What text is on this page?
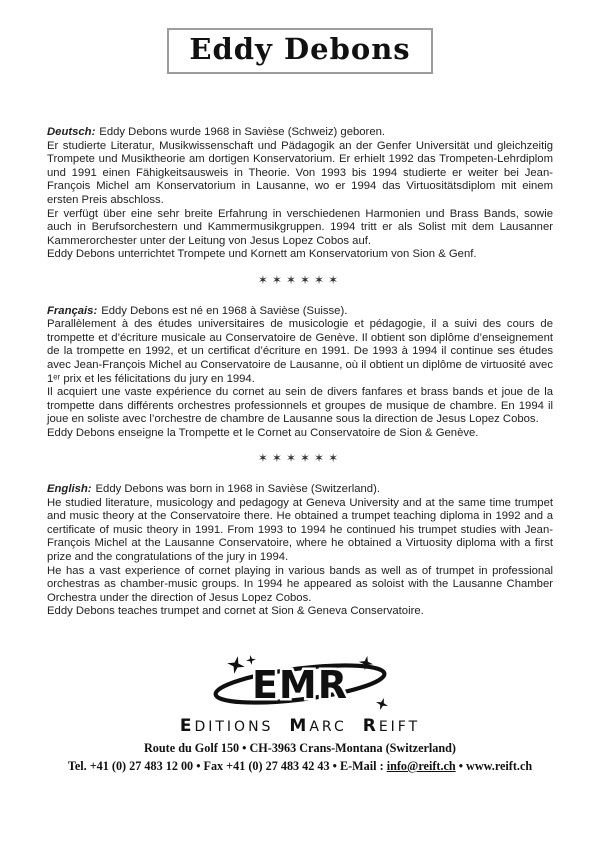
Eddy Debons

Deutsch: Eddy Debons wurde 1968 in Savièse (Schweiz) geboren.

Er studierte Literatur, Musikwissenschaft und Pädagogik an der Genfer Universität und gleichzeitig Trompete und Musiktheorie am dortigen Konservatorium. Er erhielt 1992 das Trompeten-Lehrdiplom und 1991 einen Fähigkeitsausweis in Theorie. Von 1993 bis 1994 studierte er weiter bei Jean-François Michel am Konservatorium in Lausanne, wo er 1994 das Virtuositätsdiplom mit einem ersten Preis abschloss.

Er verfügt über eine sehr breite Erfahrung in verschiedenen Harmonien und Brass Bands, sowie auch in Berufsorchestern und Kammermusikgruppen. 1994 tritt er als Solist mit dem Lausanner Kammerorchester unter der Leitung von Jesus Lopez Cobos auf.

Eddy Debons unterrichtet Trompete und Kornett am Konservatorium von Sion & Genf.

✶✶✶✶✶✶

Français: Eddy Debons est né en 1968 à Savièse (Suisse).

Parallèlement à des études universitaires de musicologie et pédagogie, il a suivi des cours de trompette et d’écriture musicale au Conservatoire de Genève. Il obtient son diplôme d’enseignement de la trompette en 1992, et un certificat d’écriture en 1991. De 1993 à 1994 il continue ses études avec Jean-François Michel au Conservatoire de Lausanne, où il obtient un diplôme de virtuosité avec 1ᵉʳ prix et les félicitations du jury en 1994.

Il acquiert une vaste expérience du cornet au sein de divers fanfares et brass bands et joue de la trompette dans différents orchestres professionnels et groupes de musique de chambre. En 1994 il joue en soliste avec l’orchestre de chambre de Lausanne sous la direction de Jesus Lopez Cobos.

Eddy Debons enseigne la Trompette et le Cornet au Conservatoire de Sion & Genève.

✶✶✶✶✶✶

English: Eddy Debons was born in 1968 in Savièse (Switzerland).

He studied literature, musicology and pedagogy at Geneva University and at the same time trumpet and music theory at the Conservatoire there. He obtained a trumpet teaching diploma in 1992 and a certificate of music theory in 1991. From 1993 to 1994 he continued his trumpet studies with Jean-François Michel at the Lausanne Conservatoire, where he obtained a Virtuosity diploma with a first prize and the congratulations of the jury in 1994.

He has a vast experience of cornet playing in various bands as well as of trumpet in professional orchestras as chamber-music groups. In 1994 he appeared as soloist with the Lausanne Chamber Orchestra under the direction of Jesus Lopez Cobos.

Eddy Debons teaches trumpet and cornet at Sion & Geneva Conservatoire.

EMR
EDITIONS MARC REIFT
Route du Golf 150 • CH-3963 Crans-Montana (Switzerland)
Tel. +41 (0) 27 483 12 00 • Fax +41 (0) 27 483 42 43 • E-Mail : info@reift.ch • www.reift.ch
